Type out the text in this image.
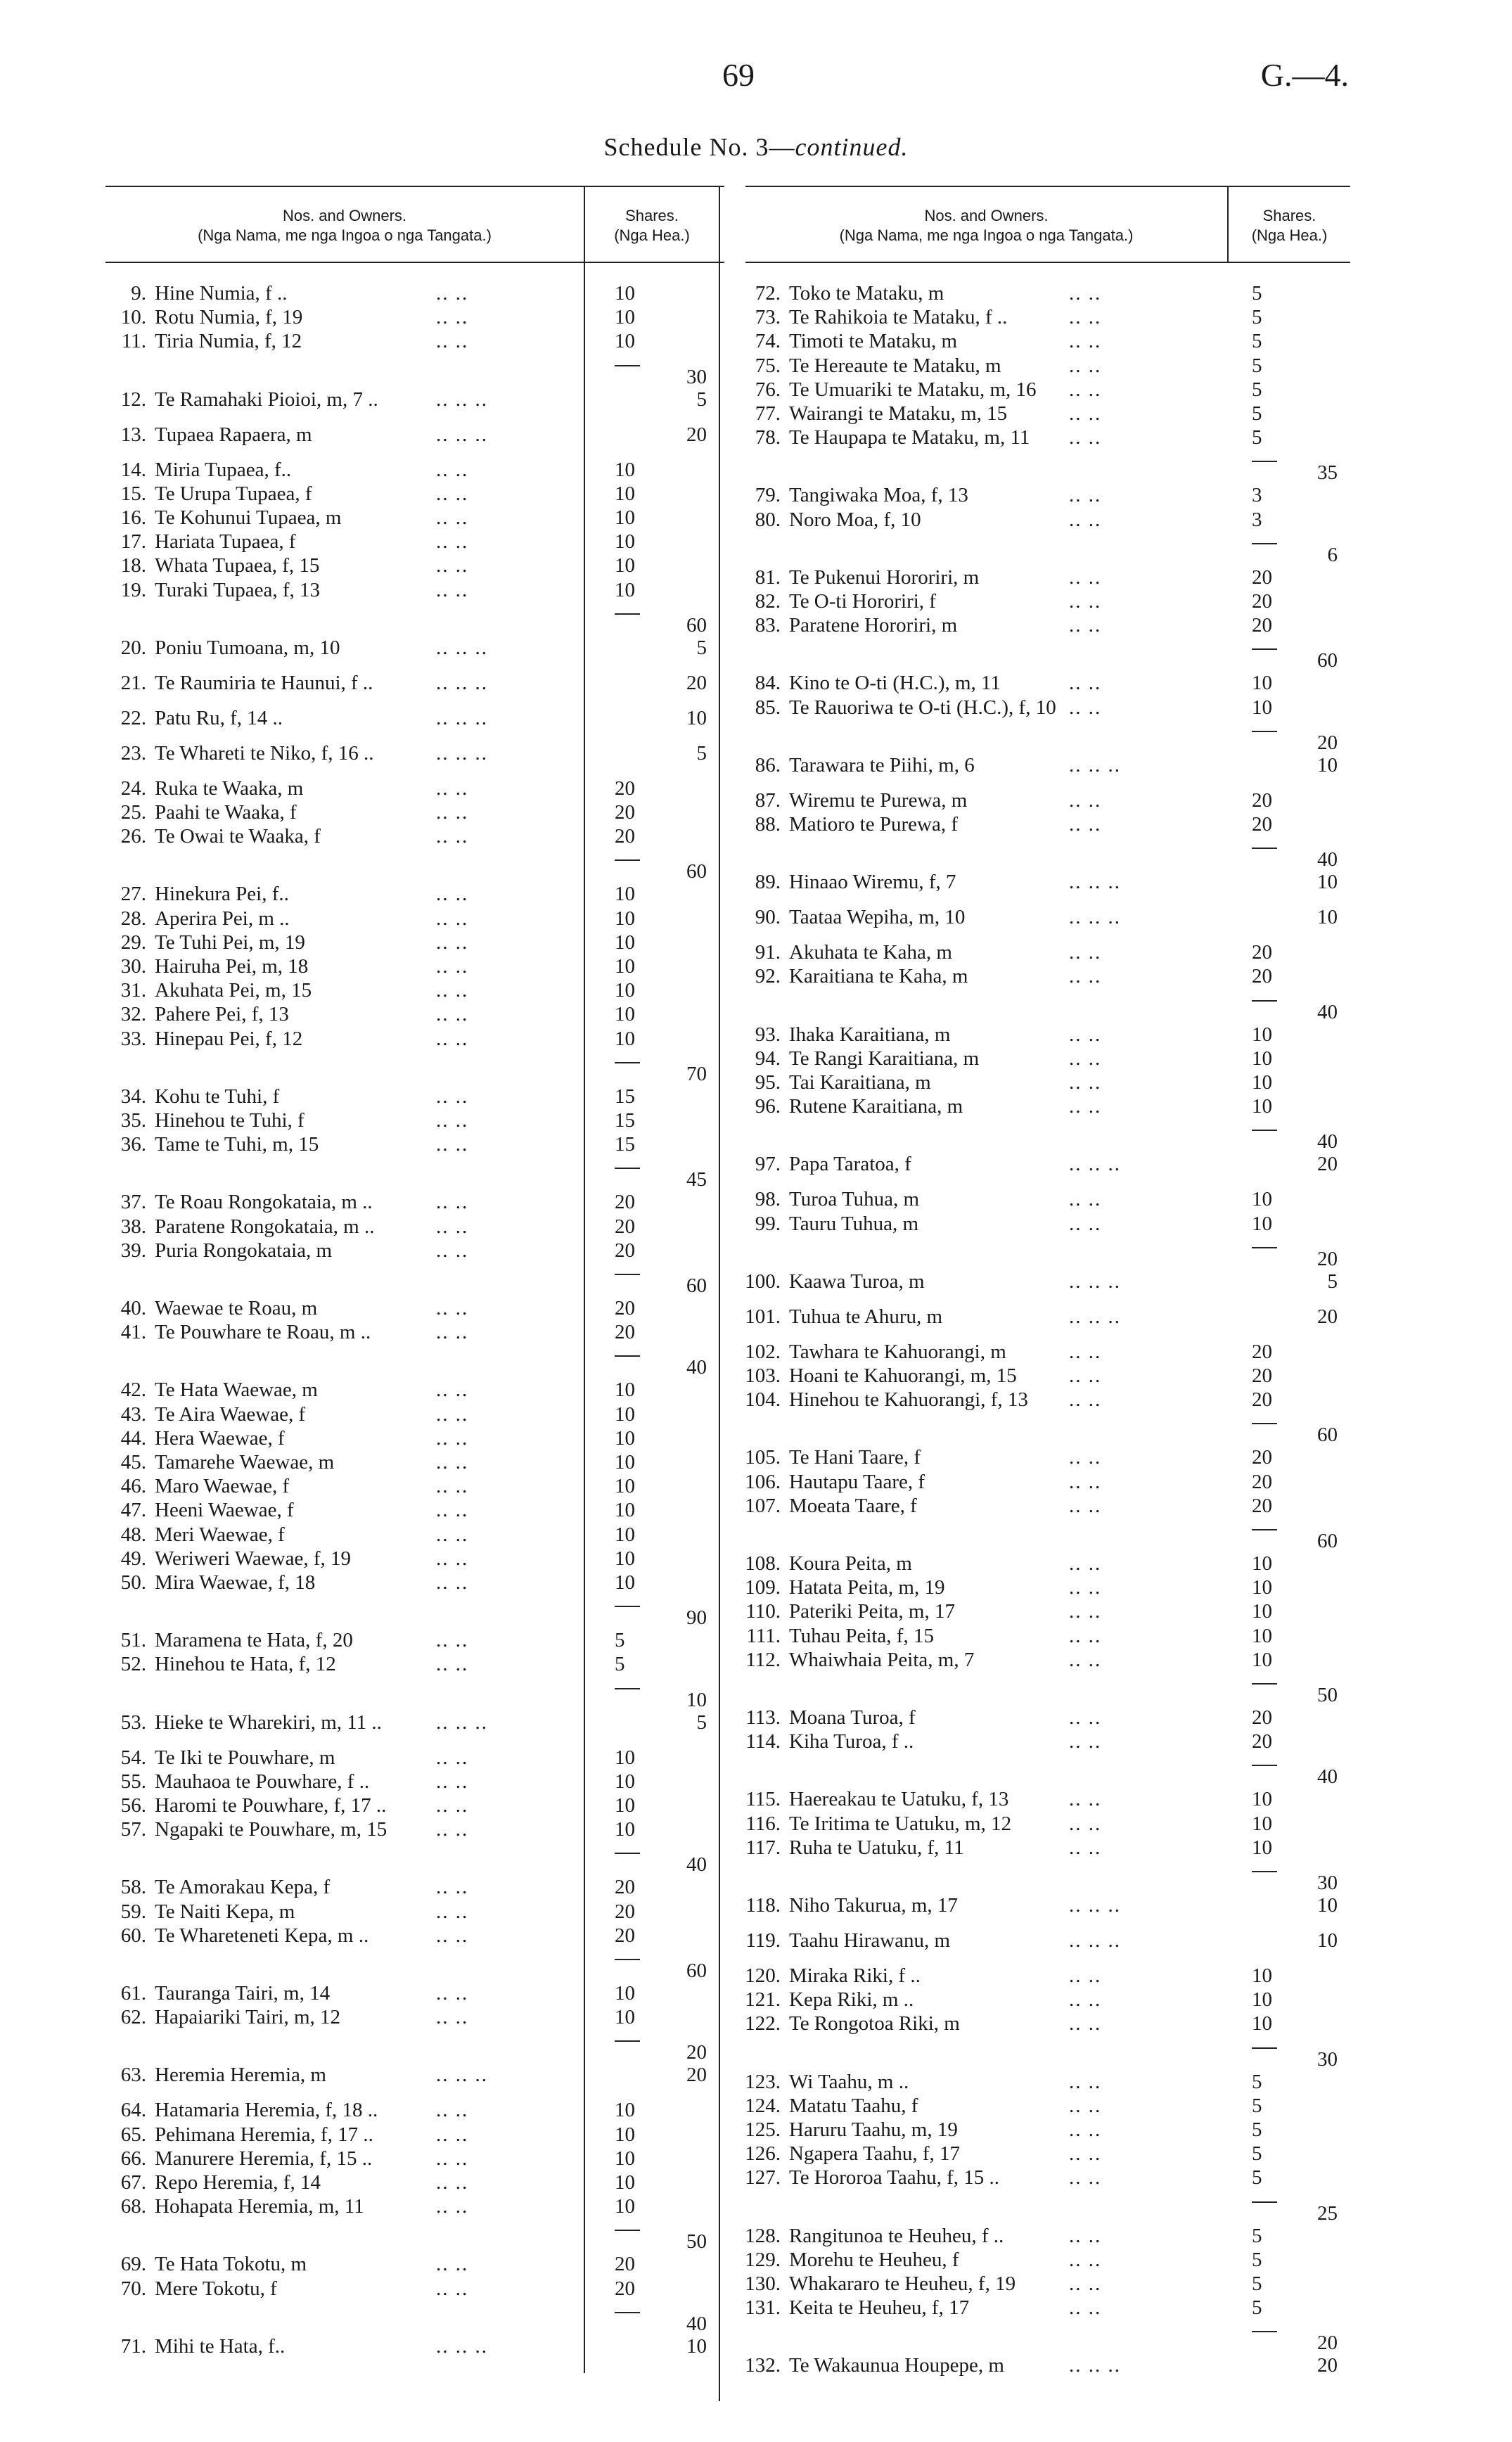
69	G.—4.
Schedule No. 3—continued.
Nos. and Owners.
(Nga Nama, me nga Ingoa o nga Tangata.)
Shares.
(Nga Hea.)
Nos. and Owners.
(Nga Nama, me nga Ingoa o nga Tangata.)
Shares.
(Nga Hea.)
9. Hine Numia, f ..	.. ..	10
10. Rotu Numia, f, 19	.. ..	10
11. Tiria Numia, f, 12	.. ..	10
30
12. Te Ramahaki Pioioi, m, 7 ..	.. .. ..	5
13. Tupaea Rapaera, m	.. .. ..	20
14. Miria Tupaea, f..	.. ..	10
15. Te Urupa Tupaea, f	.. ..	10
16. Te Kohunui Tupaea, m	.. ..	10
17. Hariata Tupaea, f	.. ..	10
18. Whata Tupaea, f, 15	.. ..	10
19. Turaki Tupaea, f, 13	.. ..	10
60
20. Poniu Tumoana, m, 10	.. .. ..	5
21. Te Raumiria te Haunui, f ..	.. .. ..	20
22. Patu Ru, f, 14 ..	.. .. ..	10
23. Te Whareti te Niko, f, 16 ..	.. .. ..	5
24. Ruka te Waaka, m	.. ..	20
25. Paahi te Waaka, f	.. ..	20
26. Te Owai te Waaka, f	.. ..	20
60
27. Hinekura Pei, f..	.. ..	10
28. Aperira Pei, m ..	.. ..	10
29. Te Tuhi Pei, m, 19	.. ..	10
30. Hairuha Pei, m, 18	.. ..	10
31. Akuhata Pei, m, 15	.. ..	10
32. Pahere Pei, f, 13	.. ..	10
33. Hinepau Pei, f, 12	.. ..	10
70
34. Kohu te Tuhi, f	.. ..	15
35. Hinehou te Tuhi, f	.. ..	15
36. Tame te Tuhi, m, 15	.. ..	15
45
37. Te Roau Rongokataia, m ..	.. ..	20
38. Paratene Rongokataia, m ..	.. ..	20
39. Puria Rongokataia, m	.. ..	20
60
40. Waewae te Roau, m	.. ..	20
41. Te Pouwhare te Roau, m ..	.. ..	20
40
42. Te Hata Waewae, m	.. ..	10
43. Te Aira Waewae, f	.. ..	10
44. Hera Waewae, f	.. ..	10
45. Tamarehe Waewae, m	.. ..	10
46. Maro Waewae, f	.. ..	10
47. Heeni Waewae, f	.. ..	10
48. Meri Waewae, f	.. ..	10
49. Weriweri Waewae, f, 19	.. ..	10
50. Mira Waewae, f, 18	.. ..	10
90
51. Maramena te Hata, f, 20	.. ..	5
52. Hinehou te Hata, f, 12	.. ..	5
10
53. Hieke te Wharekiri, m, 11 ..	.. .. ..	5
54. Te Iki te Pouwhare, m	.. ..	10
55. Mauhaoa te Pouwhare, f ..	.. ..	10
56. Haromi te Pouwhare, f, 17 .. .. ..	10
57. Ngapaki te Pouwhare, m, 15 .. ..	10
40
58. Te Amorakau Kepa, f	.. ..	20
59. Te Naiti Kepa, m	.. ..	20
60. Te Whareteneti Kepa, m ..	.. ..	20
60
61. Tauranga Tairi, m, 14	.. ..	10
62. Hapaiariki Tairi, m, 12	.. ..	10
20
63. Heremia Heremia, m	.. .. ..	20
64. Hatamaria Heremia, f, 18 ..	.. ..	10
65. Pehimana Heremia, f, 17 ..	.. ..	10
66. Manurere Heremia, f, 15 ..	.. ..	10
67. Repo Heremia, f, 14	.. ..	10
68. Hohapata Heremia, m, 11	.. ..	10
50
69. Te Hata Tokotu, m	.. ..	20
70. Mere Tokotu, f	.. ..	20
40
71. Mihi te Hata, f..	.. .. ..	10
72. Toko te Mataku, m	.. ..	5
73. Te Rahikoia te Mataku, f ..	.. ..	5
74. Timoti te Mataku, m	.. ..	5
75. Te Hereaute te Mataku, m	.. ..	5
76. Te Umuariki te Mataku, m, 16 .. ..	5
77. Wairangi te Mataku, m, 15	.. ..	5
78. Te Haupapa te Mataku, m, 11 .. ..	5
35
79. Tangiwaka Moa, f, 13	.. ..	3
80. Noro Moa, f, 10	.. ..	3
6
81. Te Pukenui Hororiri, m	.. ..	20
82. Te O-ti Hororiri, f	.. ..	20
83. Paratene Hororiri, m	.. ..	20
60
84. Kino te O-ti (H.C.), m, 11	.. ..	10
85. Te Rauoriwa te O-ti (H.C.), f, 10 .. ..	10
20
86. Tarawara te Piihi, m, 6	.. .. ..	10
87. Wiremu te Purewa, m	.. ..	20
88. Matioro te Purewa, f	.. ..	20
40
89. Hinaao Wiremu, f, 7	.. .. ..	10
90. Taataa Wepiha, m, 10	.. .. ..	10
91. Akuhata te Kaha, m	.. ..	20
92. Karaitiana te Kaha, m	.. ..	20
40
93. Ihaka Karaitiana, m	.. ..	10
94. Te Rangi Karaitiana, m	.. ..	10
95. Tai Karaitiana, m	.. ..	10
96. Rutene Karaitiana, m	.. ..	10
40
97. Papa Taratoa, f	.. .. ..	20
98. Turoa Tuhua, m	.. ..	10
99. Tauru Tuhua, m	.. ..	10
20
100. Kaawa Turoa, m	.. .. ..	5
101. Tuhua te Ahuru, m	.. .. ..	20
102. Tawhara te Kahuorangi, m	.. ..	20
103. Hoani te Kahuorangi, m, 15	.. ..	20
104. Hinehou te Kahuorangi, f, 13 .. ..	20
60
105. Te Hani Taare, f	.. ..	20
106. Hautapu Taare, f	.. ..	20
107. Moeata Taare, f	.. ..	20
60
108. Koura Peita, m	.. ..	10
109. Hatata Peita, m, 19	.. ..	10
110. Pateriki Peita, m, 17	.. ..	10
111. Tuhau Peita, f, 15	.. ..	10
112. Whaiwhaia Peita, m, 7	.. ..	10
50
113. Moana Turoa, f	.. ..	20
114. Kiha Turoa, f ..	.. ..	20
40
115. Haereakau te Uatuku, f, 13	.. ..	10
116. Te Iritima te Uatuku, m, 12	.. ..	10
117. Ruha te Uatuku, f, 11	.. ..	10
30
118. Niho Takurua, m, 17	.. .. ..	10
119. Taahu Hirawanu, m	.. .. ..	10
120. Miraka Riki, f ..	.. ..	10
121. Kepa Riki, m ..	.. ..	10
122. Te Rongotoa Riki, m	.. ..	10
30
123. Wi Taahu, m ..	.. ..	5
124. Matatu Taahu, f	.. ..	5
125. Haruru Taahu, m, 19	.. ..	5
126. Ngapera Taahu, f, 17	.. ..	5
127. Te Hororoa Taahu, f, 15 ..	.. ..	5
25
128. Rangitunoa te Heuheu, f ..	.. ..	5
129. Morehu te Heuheu, f	.. ..	5
130. Whakararo te Heuheu, f, 19	.. ..	5
131. Keita te Heuheu, f, 17	.. ..	5
20
132. Te Wakaunua Houpepe, m	.. .. ..	20
